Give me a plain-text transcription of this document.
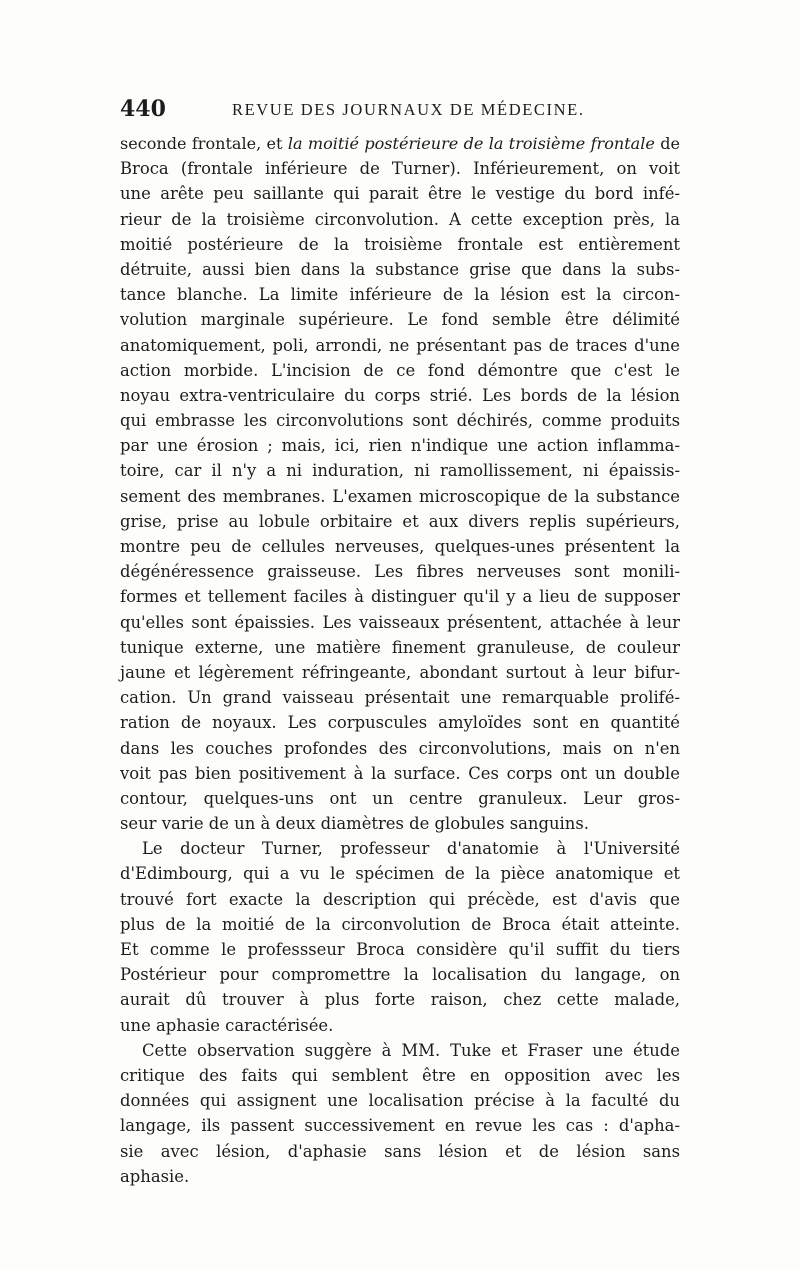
440	REVUE DES JOURNAUX DE MÉDECINE.
seconde frontale, et la moitié postérieure de la troisième frontale de
Broca (frontale inférieure de Turner). Inférieurement, on voit
une arête peu saillante qui parait être le vestige du bord infé-
rieur de la troisième circonvolution. A cette exception près, la
moitié postérieure de la troisième frontale est entièrement
détruite, aussi bien dans la substance grise que dans la subs-
tance blanche. La limite inférieure de la lésion est la circon-
volution marginale supérieure. Le fond semble être délimité
anatomiquement, poli, arrondi, ne présentant pas de traces d'une
action morbide. L'incision de ce fond démontre que c'est le
noyau extra-ventriculaire du corps strié. Les bords de la lésion
qui embrasse les circonvolutions sont déchirés, comme produits
par une érosion ; mais, ici, rien n'indique une action inflamma-
toire, car il n'y a ni induration, ni ramollissement, ni épaissis-
sement des membranes. L'examen microscopique de la substance
grise, prise au lobule orbitaire et aux divers replis supérieurs,
montre peu de cellules nerveuses, quelques-unes présentent la
dégénéressence graisseuse. Les fibres nerveuses sont monili-
formes et tellement faciles à distinguer qu'il y a lieu de supposer
qu'elles sont épaissies. Les vaisseaux présentent, attachée à leur
tunique externe, une matière finement granuleuse, de couleur
jaune et légèrement réfringeante, abondant surtout à leur bifur-
cation. Un grand vaisseau présentait une remarquable prolifé-
ration de noyaux. Les corpuscules amyloïdes sont en quantité
dans les couches profondes des circonvolutions, mais on n'en
voit pas bien positivement à la surface. Ces corps ont un double
contour, quelques-uns ont un centre granuleux. Leur gros-
seur varie de un à deux diamètres de globules sanguins.
Le docteur Turner, professeur d'anatomie à l'Université
d'Edimbourg, qui a vu le spécimen de la pièce anatomique et
trouvé fort exacte la description qui précède, est d'avis que
plus de la moitié de la circonvolution de Broca était atteinte.
Et comme le professseur Broca considère qu'il suffit du tiers
Postérieur pour compromettre la localisation du langage, on
aurait dû trouver à plus forte raison, chez cette malade,
une aphasie caractérisée.
Cette observation suggère à MM. Tuke et Fraser une étude
critique des faits qui semblent être en opposition avec les
données qui assignent une localisation précise à la faculté du
langage, ils passent successivement en revue les cas : d'apha-
sie avec lésion, d'aphasie sans lésion et de lésion sans
aphasie.
